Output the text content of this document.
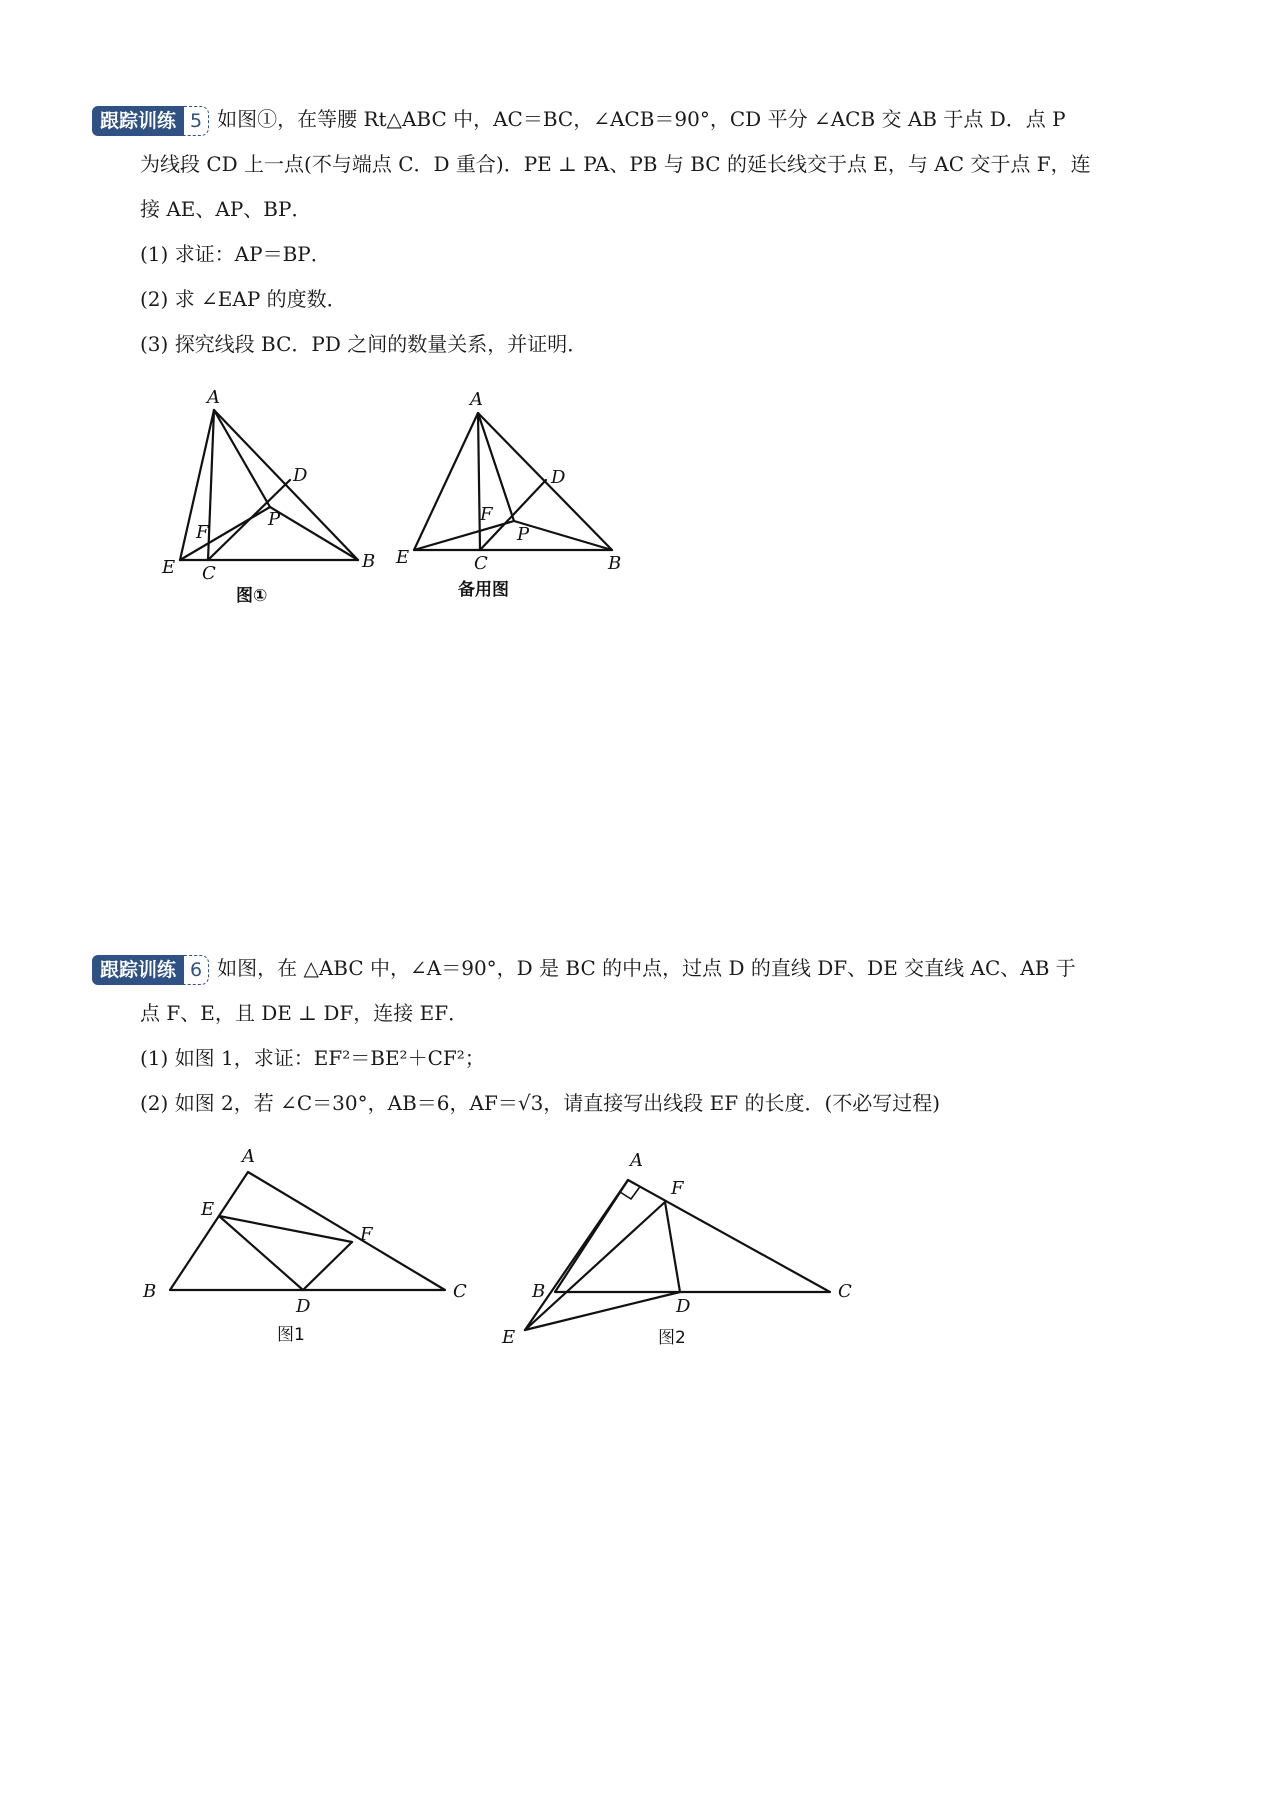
跟踪训练 5 如图①，在等腰 Rt△ABC 中，AC＝BC，∠ACB＝90°，CD 平分 ∠ACB 交 AB 于点 D．点 P
为线段 CD 上一点(不与端点 C．D 重合)．PE ⊥ PA、PB 与 BC 的延长线交于点 E，与 AC 交于点 F，连
接 AE、AP、BP．
(1) 求证：AP＝BP．
(2) 求 ∠EAP 的度数．
(3) 探究线段 BC．PD 之间的数量关系，并证明．
A
D
P
F
E C
B
图①
A
D
P
F
E	C	B
备用图
跟踪训练 6 如图，在 △ABC 中，∠A＝90°，D 是 BC 的中点，过点 D 的直线 DF、DE 交直线 AC、AB 于
点 F、E，且 DE ⊥ DF，连接 EF．
(1) 如图 1，求证：EF²＝BE²＋CF²；
(2) 如图 2，若 ∠C＝30°，AB＝6，AF＝√3，请直接写出线段 EF 的长度．(不必写过程)
A
E
F
B
D
C
图1
A
F
B
D
C
E	图2
